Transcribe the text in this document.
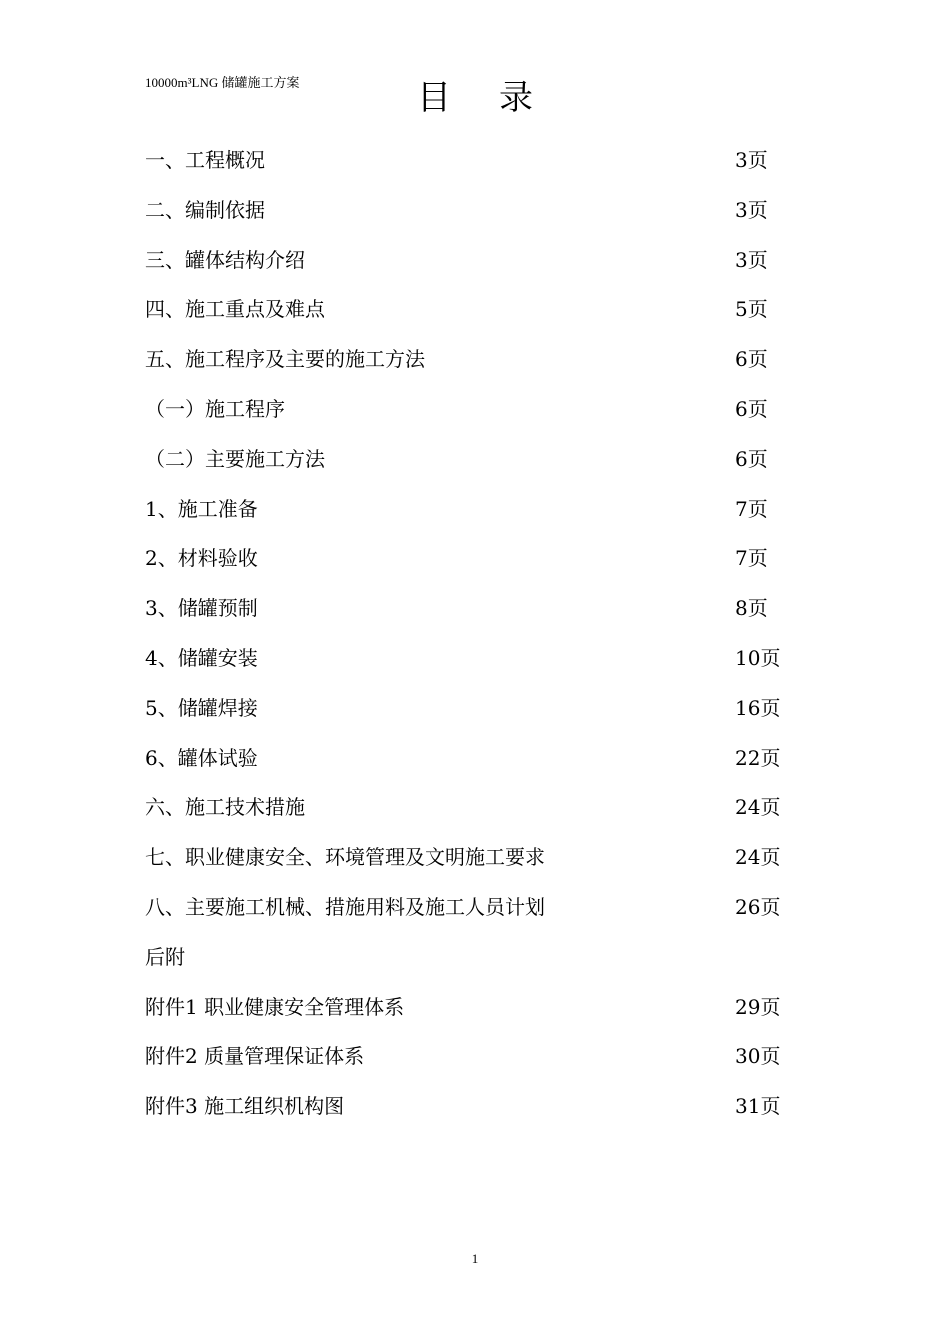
10000m³LNG 储罐施工方案	目录
一、工程概况	3页
二、编制依据	3页
三、罐体结构介绍	3页
四、施工重点及难点	5页
五、施工程序及主要的施工方法	6页
（一）施工程序	6页
（二）主要施工方法	6页
1、施工准备	7页
2、材料验收	7页
3、储罐预制	8页
4、储罐安装	10页
5、储罐焊接	16页
6、罐体试验	22页
六、施工技术措施	24页
七、职业健康安全、环境管理及文明施工要求	24页
八、主要施工机械、措施用料及施工人员计划	26页
后附
附件1 职业健康安全管理体系	29页
附件2 质量管理保证体系	30页
附件3 施工组织机构图	31页
1
